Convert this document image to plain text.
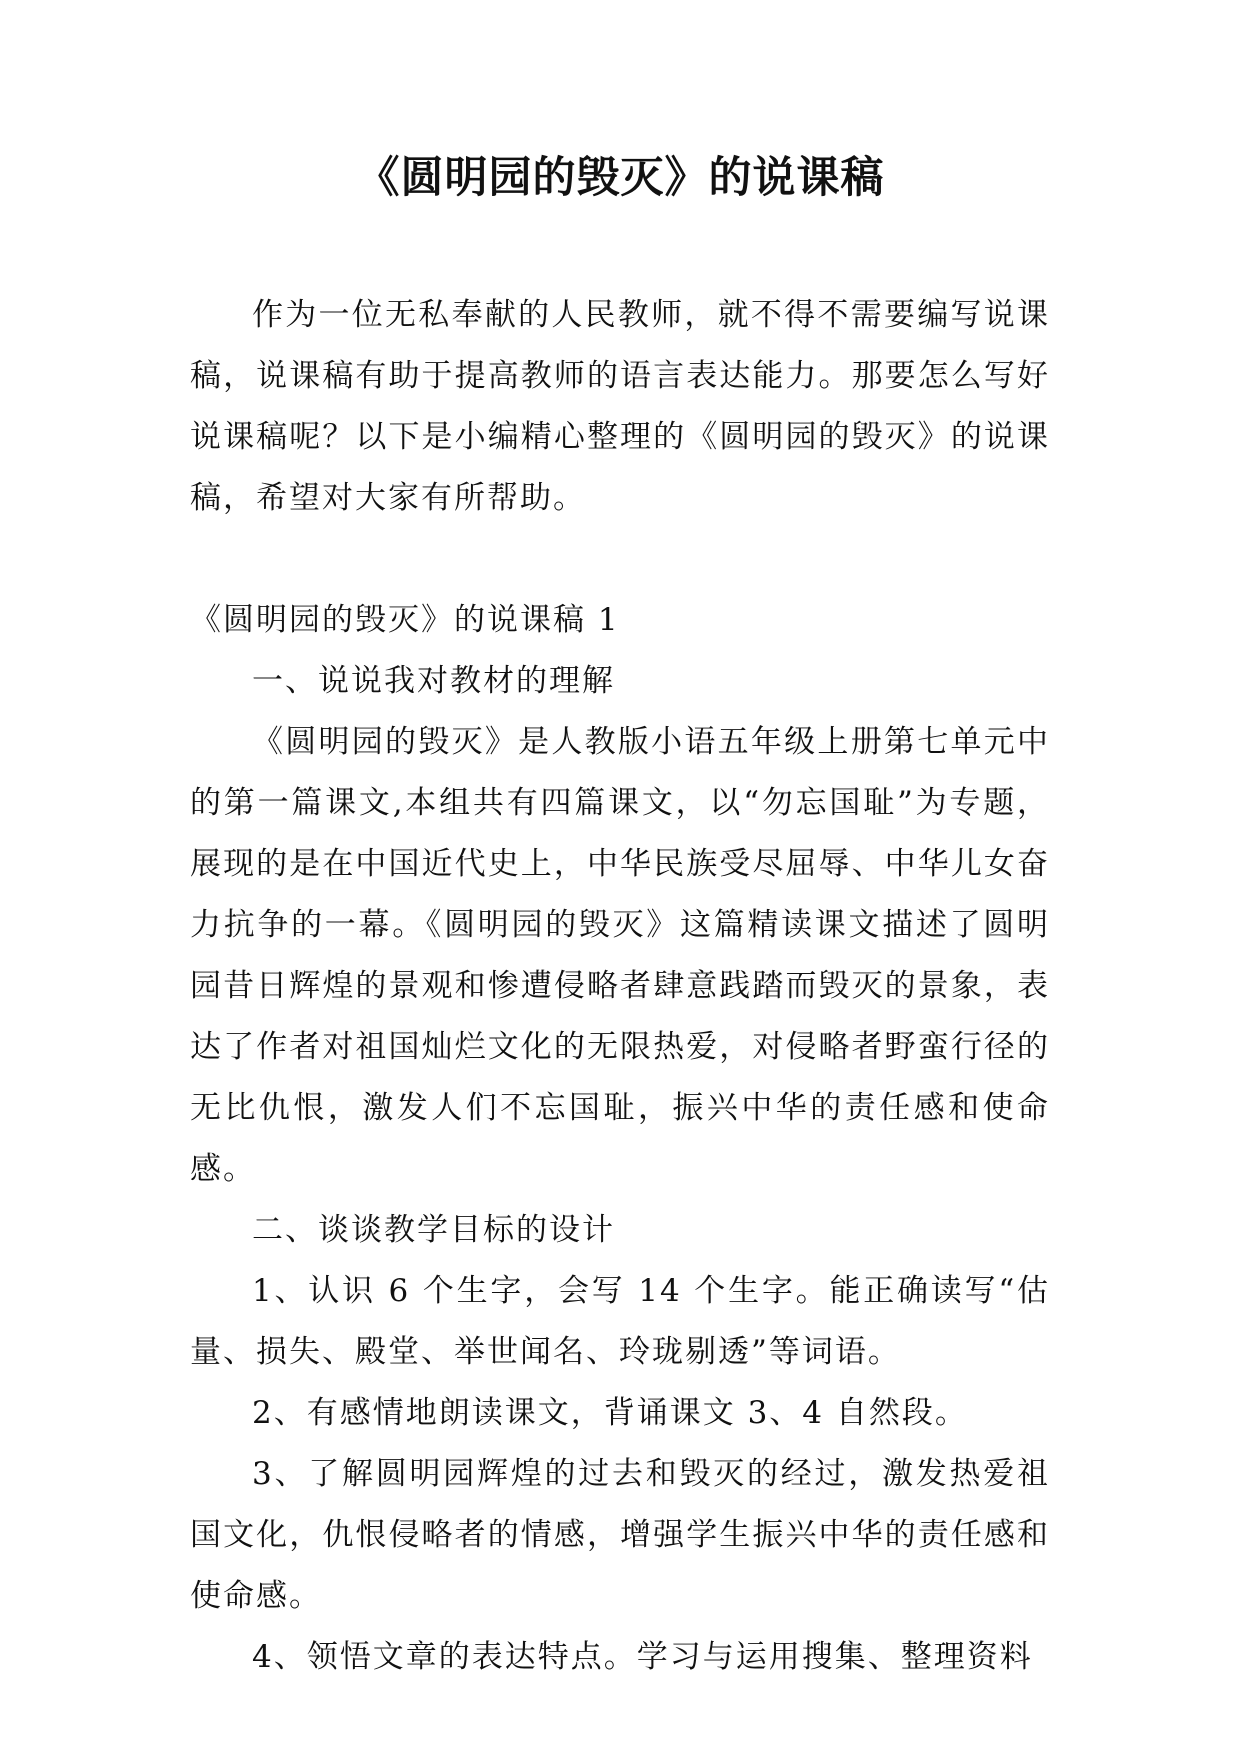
《圆明园的毁灭》的说课稿

作为一位无私奉献的人民教师，就不得不需要编写说课稿，说课稿有助于提高教师的语言表达能力。那要怎么写好说课稿呢？以下是小编精心整理的《圆明园的毁灭》的说课稿，希望对大家有所帮助。

《圆明园的毁灭》的说课稿 1

一、说说我对教材的理解

《圆明园的毁灭》是人教版小语五年级上册第七单元中的第一篇课文,本组共有四篇课文，以“勿忘国耻”为专题，展现的是在中国近代史上，中华民族受尽屈辱、中华儿女奋力抗争的一幕。《圆明园的毁灭》这篇精读课文描述了圆明园昔日辉煌的景观和惨遭侵略者肆意践踏而毁灭的景象，表达了作者对祖国灿烂文化的无限热爱，对侵略者野蛮行径的无比仇恨，激发人们不忘国耻，振兴中华的责任感和使命感。

二、谈谈教学目标的设计

1、认识 6 个生字，会写 14 个生字。能正确读写“估量、损失、殿堂、举世闻名、玲珑剔透”等词语。

2、有感情地朗读课文，背诵课文 3、4 自然段。

3、了解圆明园辉煌的过去和毁灭的经过，激发热爱祖国文化，仇恨侵略者的情感，增强学生振兴中华的责任感和使命感。

4、领悟文章的表达特点。学习与运用搜集、整理资料
